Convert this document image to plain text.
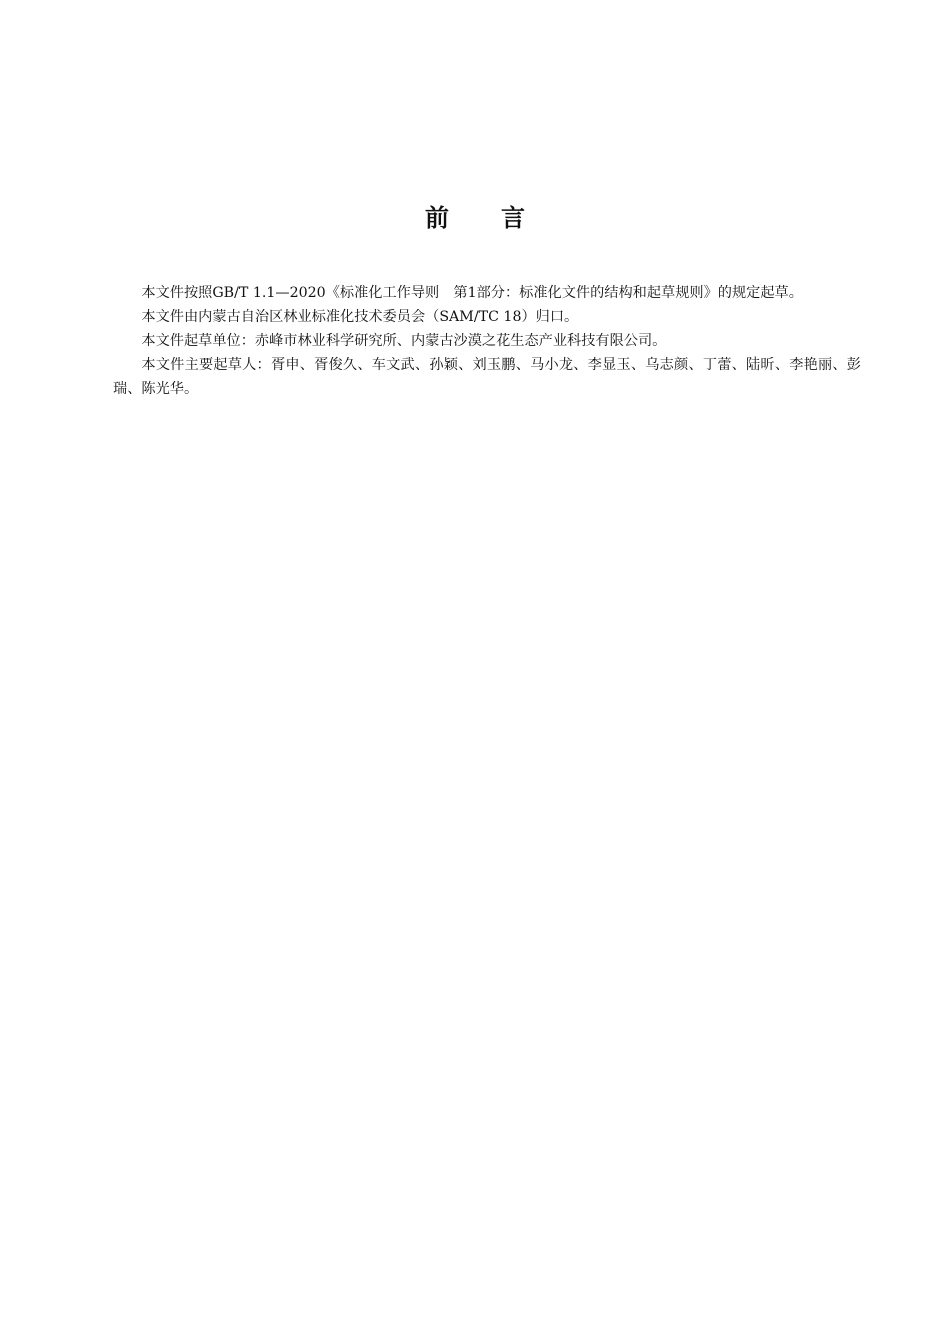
前言

本文件按照GB/T 1.1—2020《标准化工作导则　第1部分：标准化文件的结构和起草规则》的规定起草。

本文件由内蒙古自治区林业标准化技术委员会（SAM/TC 18）归口。

本文件起草单位：赤峰市林业科学研究所、内蒙古沙漠之花生态产业科技有限公司。

本文件主要起草人：胥申、胥俊久、车文武、孙颖、刘玉鹏、马小龙、李显玉、乌志颜、丁蕾、陆昕、李艳丽、彭瑞、陈光华。
